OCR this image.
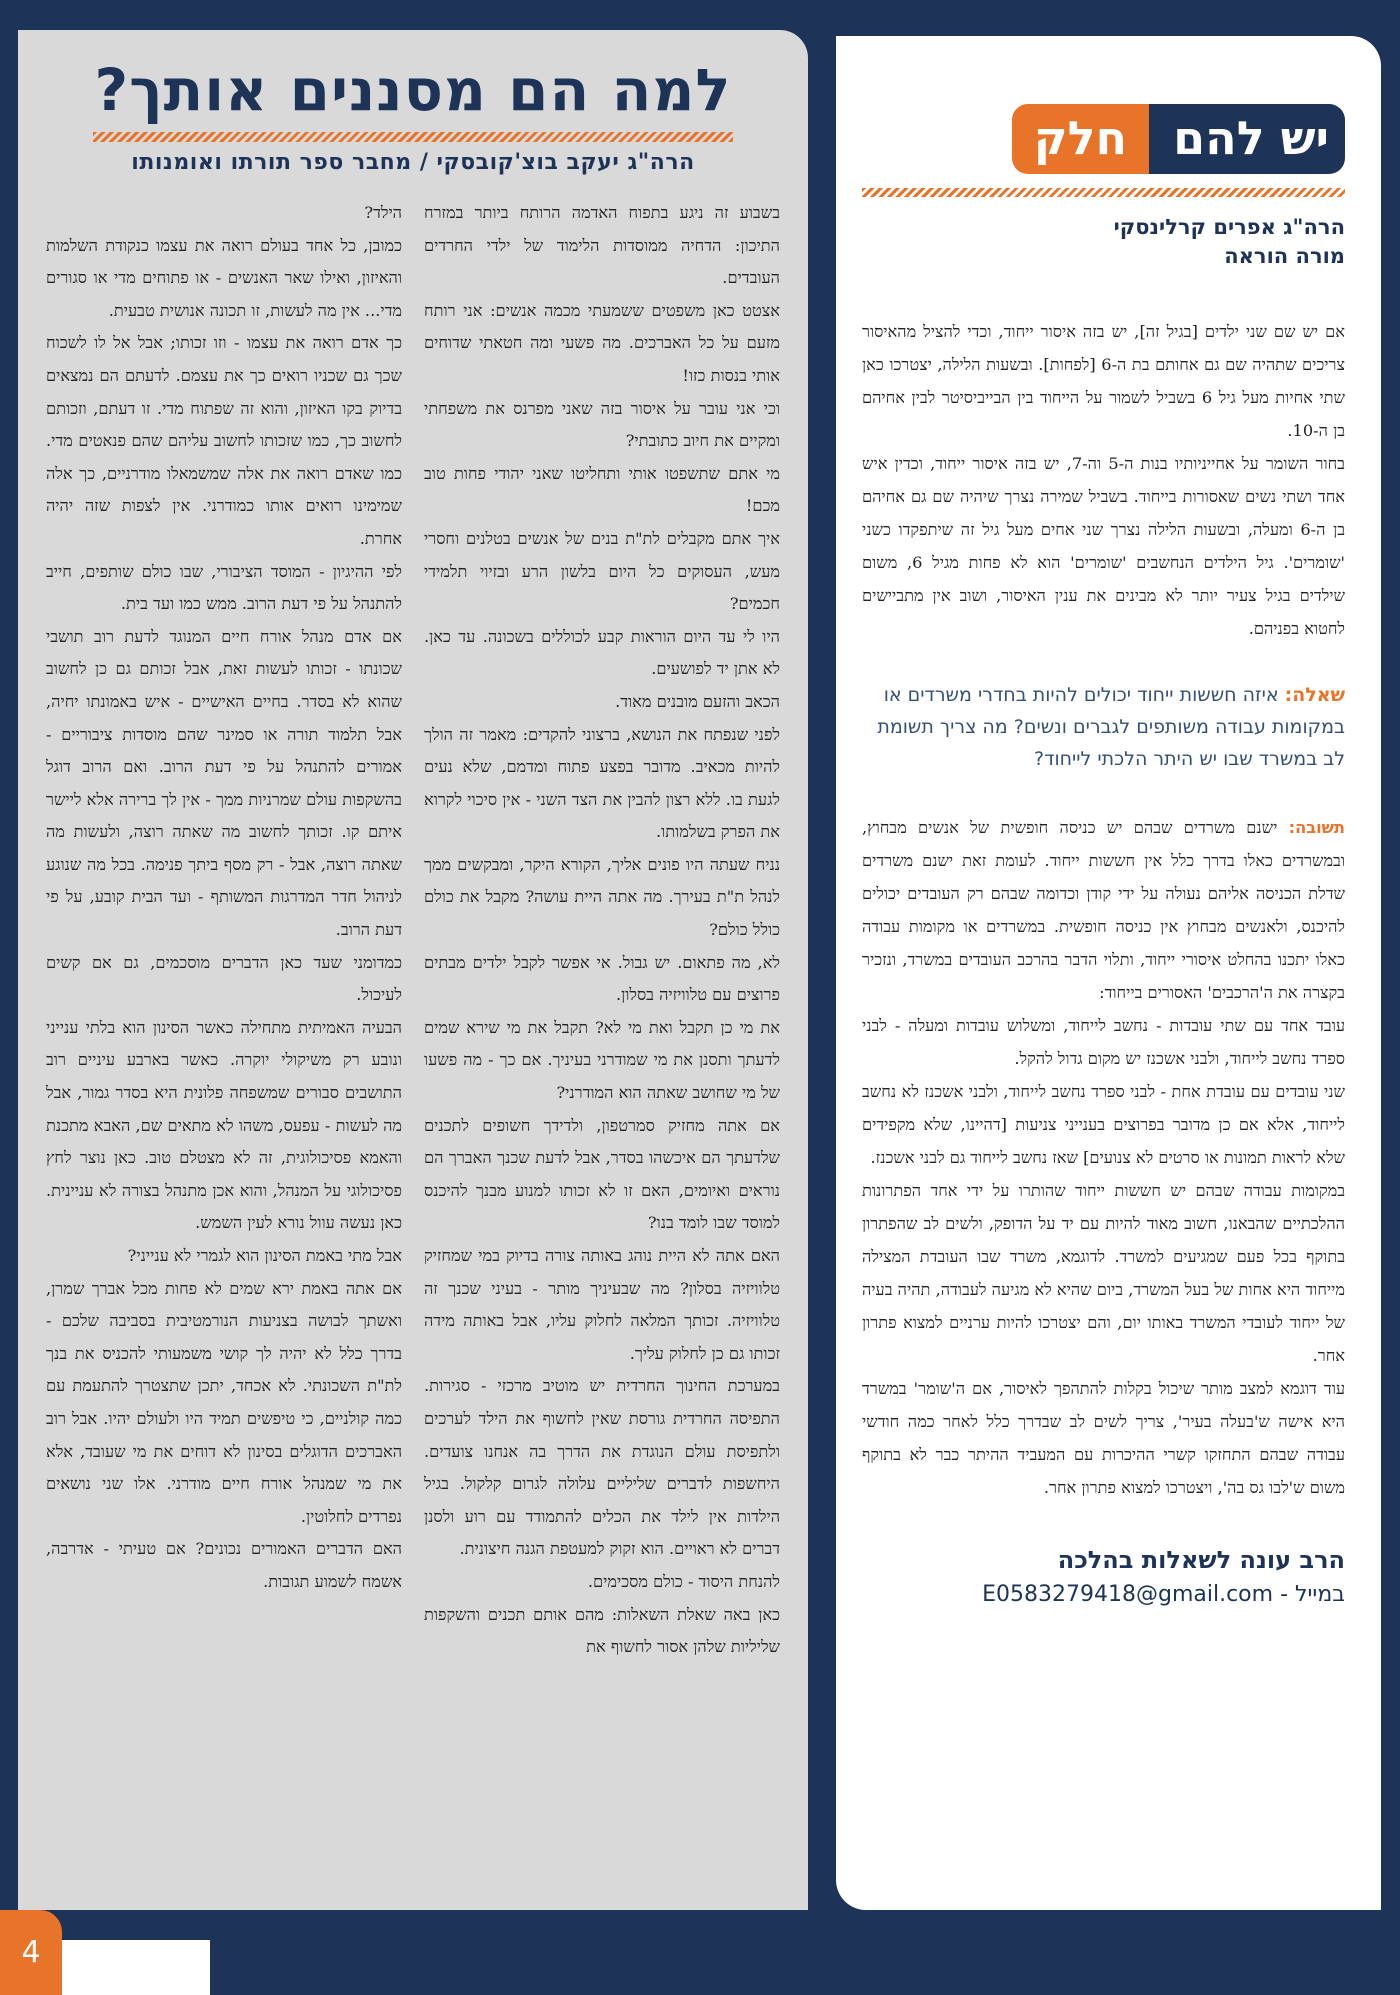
4
למה הם מסננים אותך?
הרה"ג יעקב בוצ'קובסקי / מחבר ספר תורתו ואומנותו

בשבוע זה ניגע בתפוח האדמה הרותח ביותר במזרח התיכון: הדחיה ממוסדות הלימוד של ילדי החרדים העובדים.

אצטט כאן משפטים ששמעתי מכמה אנשים: אני רותח מזעם על כל האברכים. מה פשעי ומה חטאתי שדוחים אותי בנסות כזו!

וכי אני עובר על איסור בזה שאני מפרנס את משפחתי ומקיים את חיוב כתובתי?

מי אתם שתשפטו אותי ותחליטו שאני יהודי פחות טוב מכם!

איך אתם מקבלים לת"ת בנים של אנשים בטלנים וחסרי מעש, העסוקים כל היום בלשון הרע ובזיוי תלמידי חכמים?

היו לי עד היום הוראות קבע לכוללים בשכונה. עד כאן. לא אתן יד לפושעים.

הכאב והזעם מובנים מאוד.

לפני שנפתח את הנושא, ברצוני להקדים: מאמר זה הולך להיות מכאיב. מדובר בפצע פתוח ומדמם, שלא נעים לגעת בו. ללא רצון להבין את הצד השני - אין סיכוי לקרוא את הפרק בשלמותו.

נניח שעתה היו פונים אליך, הקורא היקר, ומבקשים ממך לנהל ת"ת בעירך. מה אתה היית עושה? מקבל את כולם כולל כולם?

לא, מה פתאום. יש גבול. אי אפשר לקבל ילדים מבתים פרוצים עם טלוויזיה בסלון.

את מי כן תקבל ואת מי לא? תקבל את מי שירא שמים לדעתך ותסנן את מי שמודרני בעיניך. אם כך - מה פשעו של מי שחושב שאתה הוא המודרני?

אם אתה מחזיק סמרטפון, ולדידך חשופים לתכנים שלדעתך הם איכשהו בסדר, אבל לדעת שכנך האברך הם נוראים ואיומים, האם זו לא זכותו למנוע מבנך להיכנס למוסד שבו לומד בנו?

האם אתה לא היית נוהג באותה צורה בדיוק במי שמחזיק טלוויזיה בסלון? מה שבעיניך מותר - בעיני שכנך זה טלוויזיה. זכותך המלאה לחלוק עליו, אבל באותה מידה זכותו גם כן לחלוק עליך.

במערכת החינוך החרדית יש מוטיב מרכזי - סגירות. התפיסה החרדית גורסת שאין לחשוף את הילד לערכים ולתפיסת עולם הנוגדת את הדרך בה אנחנו צועדים. היחשפות לדברים שליליים עלולה לגרום קלקול. בגיל הילדות אין לילד את הכלים להתמודד עם רוע ולסנן דברים לא ראויים. הוא זקוק למעטפת הגנה חיצונית.

להנחת היסוד - כולם מסכימים.

כאן באה שאלת השאלות: מהם אותם תכנים והשקפות שליליות שלהן אסור לחשוף את

הילד?

כמובן, כל אחד בעולם רואה את עצמו כנקודת השלמות והאיזון, ואילו שאר האנשים - או פתוחים מדי או סגורים מדי... אין מה לעשות, זו תכונה אנושית טבעית.

כך אדם רואה את עצמו - וזו זכותו; אבל אל לו לשכוח שכך גם שכניו רואים כך את עצמם. לדעתם הם נמצאים בדיוק בקו האיזון, והוא זה שפתוח מדי. זו דעתם, וזכותם לחשוב כך, כמו שזכותו לחשוב עליהם שהם פנאטים מדי. כמו שאדם רואה את אלה שמשמאלו מודרניים, כך אלה שמימינו רואים אותו כמודרני. אין לצפות שזה יהיה אחרת.

לפי ההיגיון - המוסד הציבורי, שבו כולם שותפים, חייב להתנהל על פי דעת הרוב. ממש כמו ועד בית.

אם אדם מנהל אורח חיים המנוגד לדעת רוב תושבי שכונתו - זכותו לעשות זאת, אבל זכותם גם כן לחשוב שהוא לא בסדר. בחיים האישיים - איש באמונתו יחיה, אבל תלמוד תורה או סמינר שהם מוסדות ציבוריים - אמורים להתנהל על פי דעת הרוב. ואם הרוב דוגל בהשקפות עולם שמרניות ממך - אין לך ברירה אלא ליישר איתם קו. זכותך לחשוב מה שאתה רוצה, ולעשות מה שאתה רוצה, אבל - רק מסף ביתך פנימה. בכל מה שנוגע לניהול חדר המדרגות המשותף - ועד הבית קובע, על פי דעת הרוב.

כמדומני שעד כאן הדברים מוסכמים, גם אם קשים לעיכול.

הבעיה האמיתית מתחילה כאשר הסינון הוא בלתי ענייני ונובע רק משיקולי יוקרה. כאשר בארבע עיניים רוב התושבים סבורים שמשפחה פלונית היא בסדר גמור, אבל מה לעשות - עפעס, משהו לא מתאים שם, האבא מתכנת והאמא פסיכולוגית, זה לא מצטלם טוב. כאן נוצר לחץ פסיכולוגי על המנהל, והוא אכן מתנהל בצורה לא עניינית. כאן נעשה עוול נורא לעין השמש.

אבל מתי באמת הסינון הוא לגמרי לא ענייני?

אם אתה באמת ירא שמים לא פחות מכל אברך שמרן, ואשתך לבושה בצניעות הנורמטיבית בסביבה שלכם - בדרך כלל לא יהיה לך קושי משמעותי להכניס את בנך לת"ת השכונתי. לא אכחד, יתכן שתצטרך להתעמת עם כמה קולניים, כי טיפשים תמיד היו ולעולם יהיו. אבל רוב האברכים הדוגלים בסינון לא דוחים את מי שעובד, אלא את מי שמנהל אורח חיים מודרני. אלו שני נושאים נפרדים לחלוטין.

האם הדברים האמורים נכונים? אם טעיתי - אדרבה, אשמח לשמוע תגובות.

יש להם
חלק
הרה"ג אפרים קרלינסקי
מורה הוראה

אם יש שם שני ילדים [בגיל זה], יש בזה איסור ייחוד, וכדי להציל מהאיסור צריכים שתהיה שם גם אחותם בת ה-6 [לפחות]. ובשעות הלילה, יצטרכו כאן שתי אחיות מעל גיל 6 בשביל לשמור על הייחוד בין הבייביסיטר לבין אחיהם בן ה-10.

בחור השומר על אחייניותיו בנות ה-5 וה-7, יש בזה איסור ייחוד, וכדין איש אחד ושתי נשים שאסורות בייחוד. בשביל שמירה נצרך שיהיה שם גם אחיהם בן ה-6 ומעלה, ובשעות הלילה נצרך שני אחים מעל גיל זה שיתפקדו כשני 'שומרים'. גיל הילדים הנחשבים 'שומרים' הוא לא פחות מגיל 6, משום שילדים בגיל צעיר יותר לא מבינים את ענין האיסור, ושוב אין מתביישים לחטוא בפניהם.

שאלה: איזה חששות ייחוד יכולים להיות בחדרי משרדים או במקומות עבודה משותפים לגברים ונשים? מה צריך תשומת לב במשרד שבו יש היתר הלכתי לייחוד?

תשובה: ישנם משרדים שבהם יש כניסה חופשית של אנשים מבחוץ, ובמשרדים כאלו בדרך כלל אין חששות ייחוד. לעומת זאת ישנם משרדים שדלת הכניסה אליהם נעולה על ידי קודן וכדומה שבהם רק העובדים יכולים להיכנס, ולאנשים מבחוץ אין כניסה חופשית. במשרדים או מקומות עבודה כאלו יתכנו בהחלט איסורי ייחוד, ותלוי הדבר בהרכב העובדים במשרד, ונזכיר בקצרה את ה'הרכבים' האסורים בייחוד:

עובד אחד עם שתי עובדות - נחשב לייחוד, ומשלוש עובדות ומעלה - לבני ספרד נחשב לייחוד, ולבני אשכנז יש מקום גדול להקל.

שני עובדים עם עובדת אחת - לבני ספרד נחשב לייחוד, ולבני אשכנז לא נחשב לייחוד, אלא אם כן מדובר בפרוצים בענייני צניעות [דהיינו, שלא מקפידים שלא לראות תמונות או סרטים לא צנועים] שאז נחשב לייחוד גם לבני אשכנז.

במקומות עבודה שבהם יש חששות ייחוד שהותרו על ידי אחד הפתרונות ההלכתיים שהבאנו, חשוב מאוד להיות עם יד על הדופק, ולשים לב שהפתרון בתוקף בכל פעם שמגיעים למשרד. לדוגמא, משרד שבו העובדת המצילה מייחוד היא אחות של בעל המשרד, ביום שהיא לא מגיעה לעבודה, תהיה בעיה של ייחוד לעובדי המשרד באותו יום, והם יצטרכו להיות ערניים למצוא פתרון אחר.

עוד דוגמא למצב מותר שיכול בקלות להתהפך לאיסור, אם ה'שומר' במשרד היא אישה ש'בעלה בעיר', צריך לשים לב שבדרך כלל לאחר כמה חודשי עבודה שבהם התחזקו קשרי ההיכרות עם המעביד ההיתר כבר לא בתוקף משום ש'לבו גס בה', ויצטרכו למצוא פתרון אחר.

הרב עונה לשאלות בהלכה
במייל - E0583279418@gmail.com
